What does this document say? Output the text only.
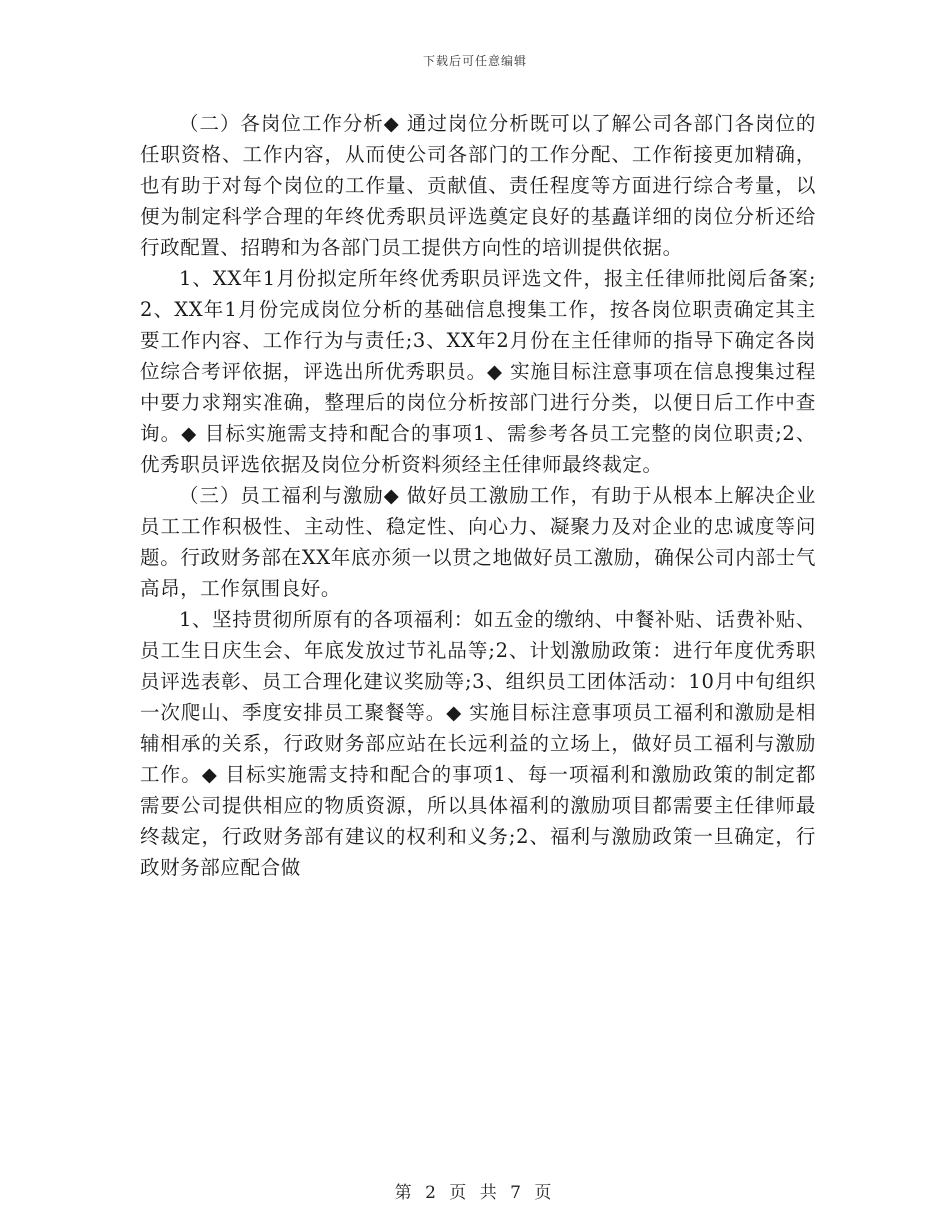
下载后可任意编辑

（二）各岗位工作分析◆ 通过岗位分析既可以了解公司各部门各岗位的任职资格、工作内容，从而使公司各部门的工作分配、工作衔接更加精确，也有助于对每个岗位的工作量、贡献值、责任程度等方面进行综合考量，以便为制定科学合理的年终优秀职员评选奠定良好的基矗详细的岗位分析还给行政配置、招聘和为各部门员工提供方向性的培训提供依据。

1、XX年1月份拟定所年终优秀职员评选文件，报主任律师批阅后备案;2、XX年1月份完成岗位分析的基础信息搜集工作，按各岗位职责确定其主要工作内容、工作行为与责任;3、XX年2月份在主任律师的指导下确定各岗位综合考评依据，评选出所优秀职员。◆ 实施目标注意事项在信息搜集过程中要力求翔实准确，整理后的岗位分析按部门进行分类，以便日后工作中查询。◆ 目标实施需支持和配合的事项1、需参考各员工完整的岗位职责;2、优秀职员评选依据及岗位分析资料须经主任律师最终裁定。

（三）员工福利与激励◆ 做好员工激励工作，有助于从根本上解决企业员工工作积极性、主动性、稳定性、向心力、凝聚力及对企业的忠诚度等问题。行政财务部在XX年底亦须一以贯之地做好员工激励，确保公司内部士气高昂，工作氛围良好。

1、坚持贯彻所原有的各项福利：如五金的缴纳、中餐补贴、话费补贴、员工生日庆生会、年底发放过节礼品等;2、计划激励政策：进行年度优秀职员评选表彰、员工合理化建议奖励等;3、组织员工团体活动：10月中旬组织一次爬山、季度安排员工聚餐等。◆ 实施目标注意事项员工福利和激励是相辅相承的关系，行政财务部应站在长远利益的立场上，做好员工福利与激励工作。◆ 目标实施需支持和配合的事项1、每一项福利和激励政策的制定都需要公司提供相应的物质资源，所以具体福利的激励项目都需要主任律师最终裁定，行政财务部有建议的权利和义务;2、福利与激励政策一旦确定，行政财务部应配合做

第 2 页 共 7 页
